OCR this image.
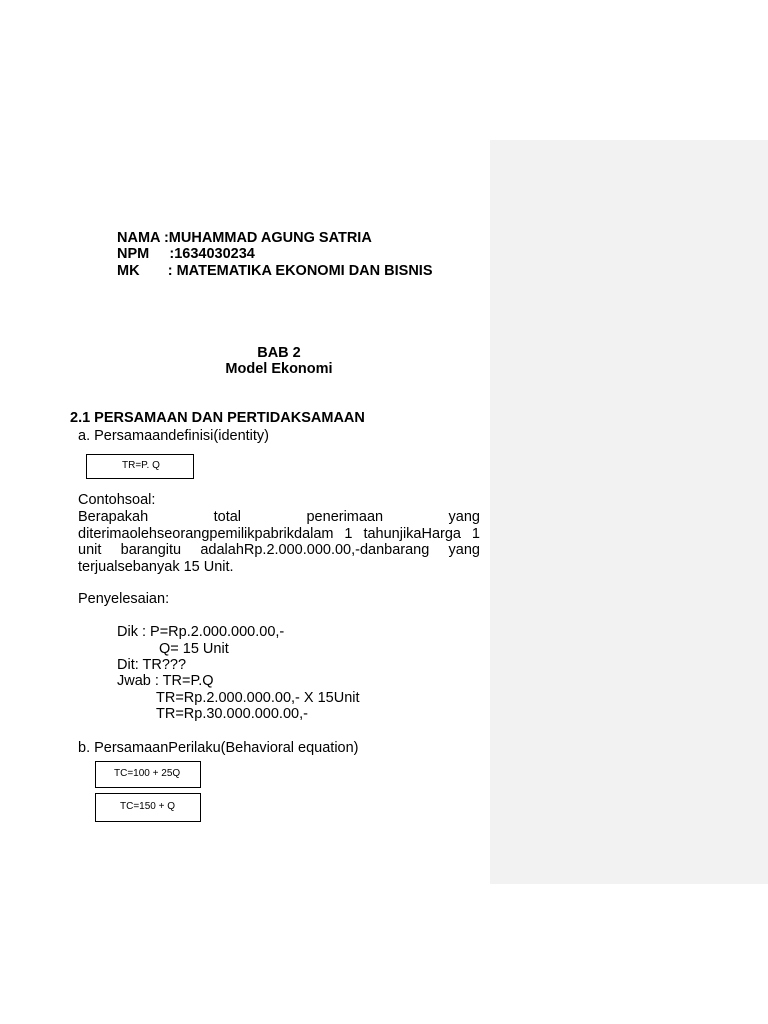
NAMA :MUHAMMAD AGUNG SATRIA
NPM     :1634030234
MK       : MATEMATIKA EKONOMI DAN BISNIS
BAB 2
Model Ekonomi
2.1 PERSAMAAN DAN PERTIDAKSAMAAN
a. Persamaandefinisi(identity)
TR=P. Q
Contohsoal:
Berapakah total penerimaan yang
diterimaolehseorangpemilikpabrikdalam 1 tahunjikaHarga 1
unit barangitu adalahRp.2.000.000.00,-danbarang yang
terjualsebanyak 15 Unit.
Penyelesaian:
Dik : P=Rp.2.000.000.00,-
Q= 15 Unit
Dit: TR???
Jwab : TR=P.Q
TR=Rp.2.000.000.00,- X 15Unit
TR=Rp.30.000.000.00,-
b. PersamaanPerilaku(Behavioral equation)
TC=100 + 25Q
TC=150 + Q
